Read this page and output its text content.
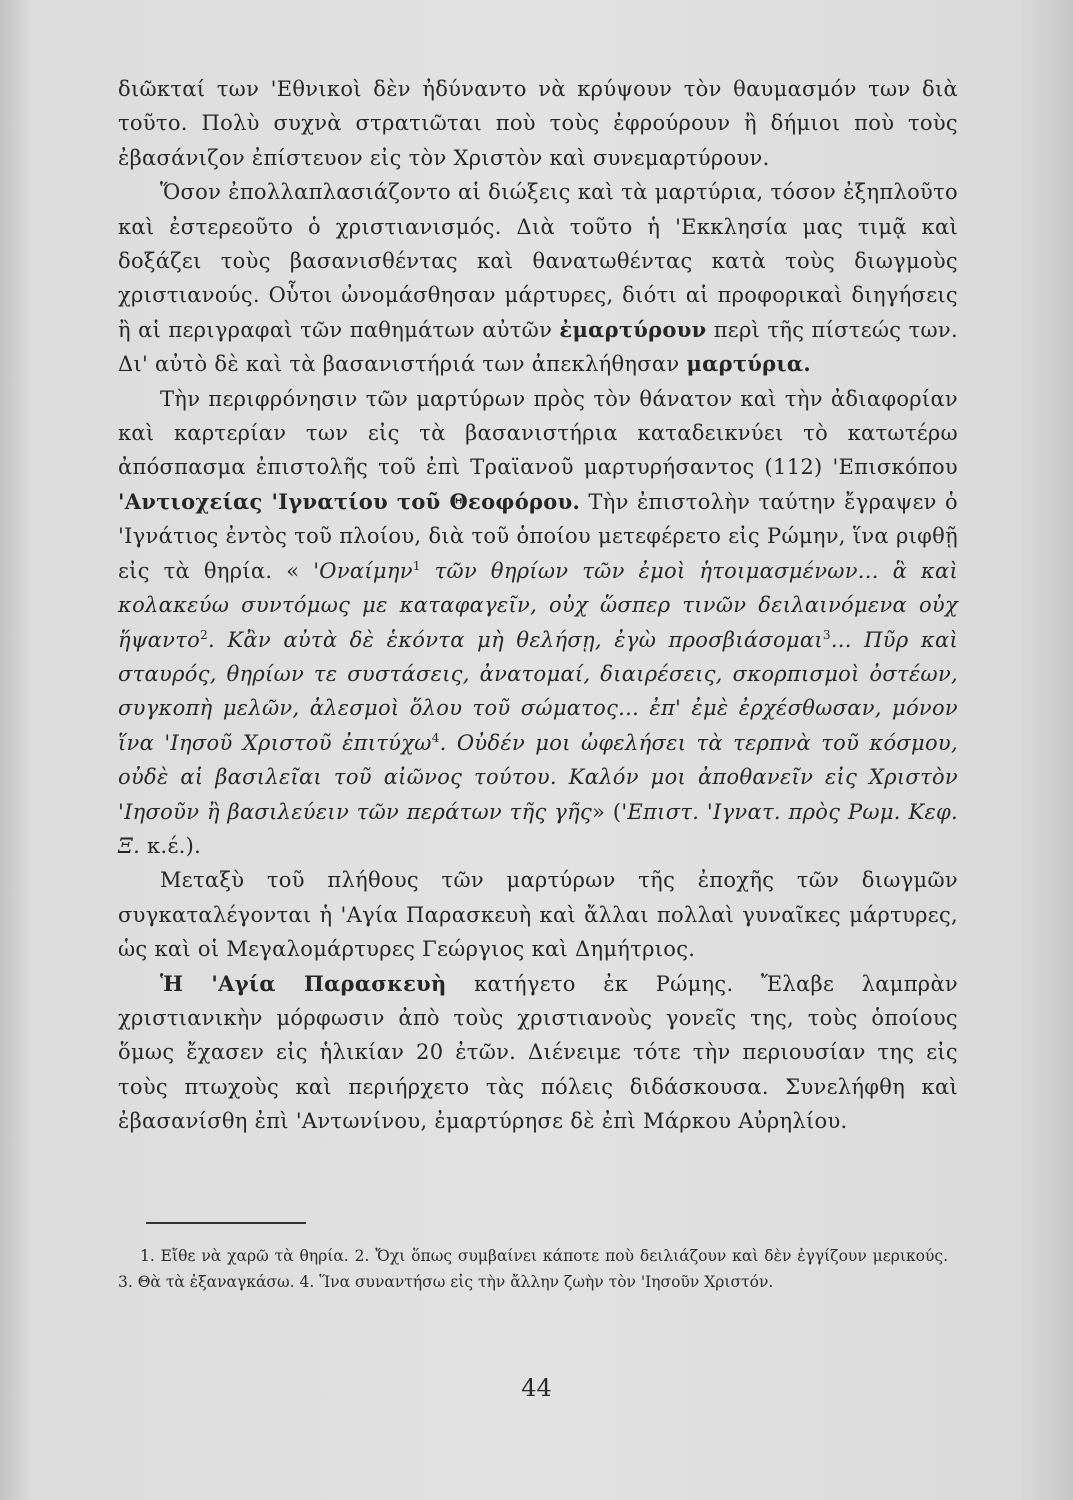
διῶκταί των 'Εθνικοὶ δὲν ἠδύναντο νὰ κρύψουν τὸν θαυμασμόν των διὰ τοῦτο. Πολὺ συχνὰ στρατιῶται ποὺ τοὺς ἐφρούρουν ἢ δήμιοι ποὺ τοὺς ἐβασάνιζον ἐπίστευον εἰς τὸν Χριστὸν καὶ συνεμαρτύρουν.

Ὅσον ἐπολλαπλασιάζοντο αἱ διώξεις καὶ τὰ μαρτύρια, τόσον ἐξηπλοῦτο καὶ ἐστερεοῦτο ὁ χριστιανισμός. Διὰ τοῦτο ἡ 'Εκκλησία μας τιμᾷ καὶ δοξάζει τοὺς βασανισθέντας καὶ θανατωθέντας κατὰ τοὺς διωγμοὺς χριστιανούς. Οὗτοι ὠνομάσθησαν μάρτυρες, διότι αἱ προφορικαὶ διηγήσεις ἢ αἱ περιγραφαὶ τῶν παθημάτων αὐτῶν ἐμαρτύρουν περὶ τῆς πίστεώς των. Δι' αὐτὸ δὲ καὶ τὰ βασανιστήριά των ἀπεκλήθησαν μαρτύρια.

Τὴν περιφρόνησιν τῶν μαρτύρων πρὸς τὸν θάνατον καὶ τὴν ἀδιαφορίαν καὶ καρτερίαν των εἰς τὰ βασανιστήρια καταδεικνύει τὸ κατωτέρω ἀπόσπασμα ἐπιστολῆς τοῦ ἐπὶ Τραϊανοῦ μαρτυρήσαντος (112) 'Επισκόπου 'Αντιοχείας 'Ιγνατίου τοῦ Θεοφόρου. Τὴν ἐπιστολὴν ταύτην ἔγραψεν ὁ 'Ιγνάτιος ἐντὸς τοῦ πλοίου, διὰ τοῦ ὁποίου μετεφέρετο εἰς Ρώμην, ἵνα ριφθῇ εἰς τὰ θηρία. « 'Οναίμην$^1$ τῶν θηρίων τῶν ἐμοὶ ἡτοιμασμένων... ἃ καὶ κολακεύω συντόμως με καταφαγεῖν, οὐχ ὥσπερ τινῶν δειλαινόμενα οὐχ ἥψαντο$^2$. Κἂν αὐτὰ δὲ ἑκόντα μὴ θελήσῃ, ἐγὼ προσβιάσομαι$^3$... Πῦρ καὶ σταυρός, θηρίων τε συστάσεις, ἀνατομαί, διαιρέσεις, σκορπισμοὶ ὀστέων, συγκοπὴ μελῶν, ἀλεσμοὶ ὅλου τοῦ σώματος... ἐπ' ἐμὲ ἐρχέσθωσαν, μόνον ἵνα 'Ιησοῦ Χριστοῦ ἐπιτύχω$^4$. Οὐδέν μοι ὠφελήσει τὰ τερπνὰ τοῦ κόσμου, οὐδὲ αἱ βασιλεῖαι τοῦ αἰῶνος τούτου. Καλόν μοι ἀποθανεῖν εἰς Χριστὸν 'Ιησοῦν ἢ βασιλεύειν τῶν περάτων τῆς γῆς» ('Επιστ. 'Ιγνατ. πρὸς Ρωμ. Κεφ. Ξ. κ.έ.).

Μεταξὺ τοῦ πλήθους τῶν μαρτύρων τῆς ἐποχῆς τῶν διωγμῶν συγκαταλέγονται ἡ 'Αγία Παρασκευὴ καὶ ἄλλαι πολλαὶ γυναῖκες μάρτυρες, ὡς καὶ οἱ Μεγαλομάρτυρες Γεώργιος καὶ Δημήτριος.

Ἡ 'Αγία Παρασκευὴ κατήγετο ἐκ Ρώμης. Ἔλαβε λαμπρὰν χριστιανικὴν μόρφωσιν ἀπὸ τοὺς χριστιανοὺς γονεῖς της, τοὺς ὁποίους ὅμως ἔχασεν εἰς ἡλικίαν 20 ἐτῶν. Διένειμε τότε τὴν περιουσίαν της εἰς τοὺς πτωχοὺς καὶ περιήρχετο τὰς πόλεις διδάσκουσα. Συνελήφθη καὶ ἐβασανίσθη ἐπὶ 'Αντωνίνου, ἐμαρτύρησε δὲ ἐπὶ Μάρκου Αὐρηλίου.

1. Εἴθε νὰ χαρῶ τὰ θηρία. 2. Ὄχι ὅπως συμβαίνει κάποτε ποὺ δειλιάζουν καὶ δὲν ἐγγίζουν μερικούς. 3. Θὰ τὰ ἐξαναγκάσω. 4. Ἵνα συναντήσω εἰς τὴν ἄλλην ζωὴν τὸν 'Ιησοῦν Χριστόν.

44
